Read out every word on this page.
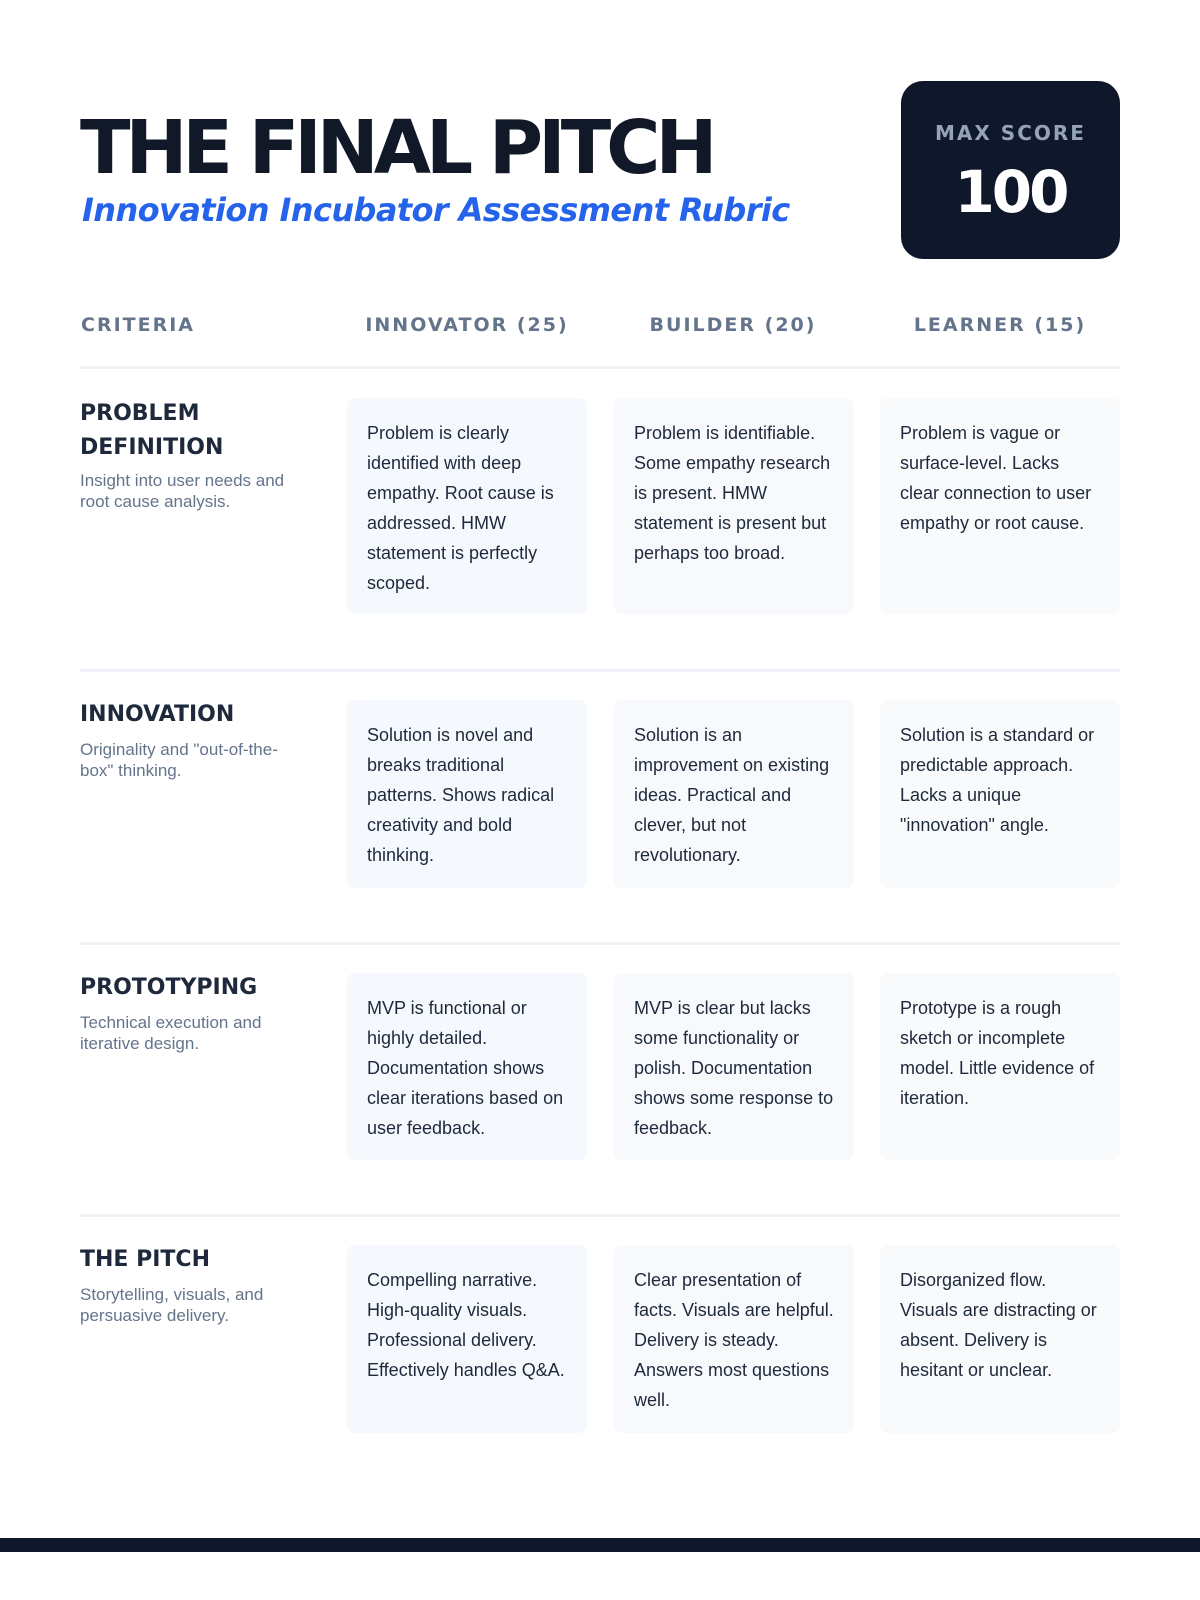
THE FINAL PITCH

Innovation Incubator Assessment Rubric

MAX SCORE
100
CRITERIA	INNOVATOR (25)	BUILDER (20)	LEARNER (15)
PROBLEM DEFINITION

Insight into user needs and root cause analysis.

Problem is clearly identified with deep empathy. Root cause is addressed. HMW statement is perfectly scoped.
Problem is identifiable. Some empathy research is present. HMW statement is present but perhaps too broad.
Problem is vague or surface-level. Lacks clear connection to user empathy or root cause.
INNOVATION

Originality and "out-of-the-box" thinking.

Solution is novel and breaks traditional patterns. Shows radical creativity and bold thinking.
Solution is an improvement on existing ideas. Practical and clever, but not revolutionary.
Solution is a standard or predictable approach. Lacks a unique "innovation" angle.
PROTOTYPING

Technical execution and iterative design.

MVP is functional or highly detailed. Documentation shows clear iterations based on user feedback.
MVP is clear but lacks some functionality or polish. Documentation shows some response to feedback.
Prototype is a rough sketch or incomplete model. Little evidence of iteration.
THE PITCH

Storytelling, visuals, and persuasive delivery.

Compelling narrative. High-quality visuals. Professional delivery. Effectively handles Q&A.
Clear presentation of facts. Visuals are helpful. Delivery is steady. Answers most questions well.
Disorganized flow. Visuals are distracting or absent. Delivery is hesitant or unclear.
